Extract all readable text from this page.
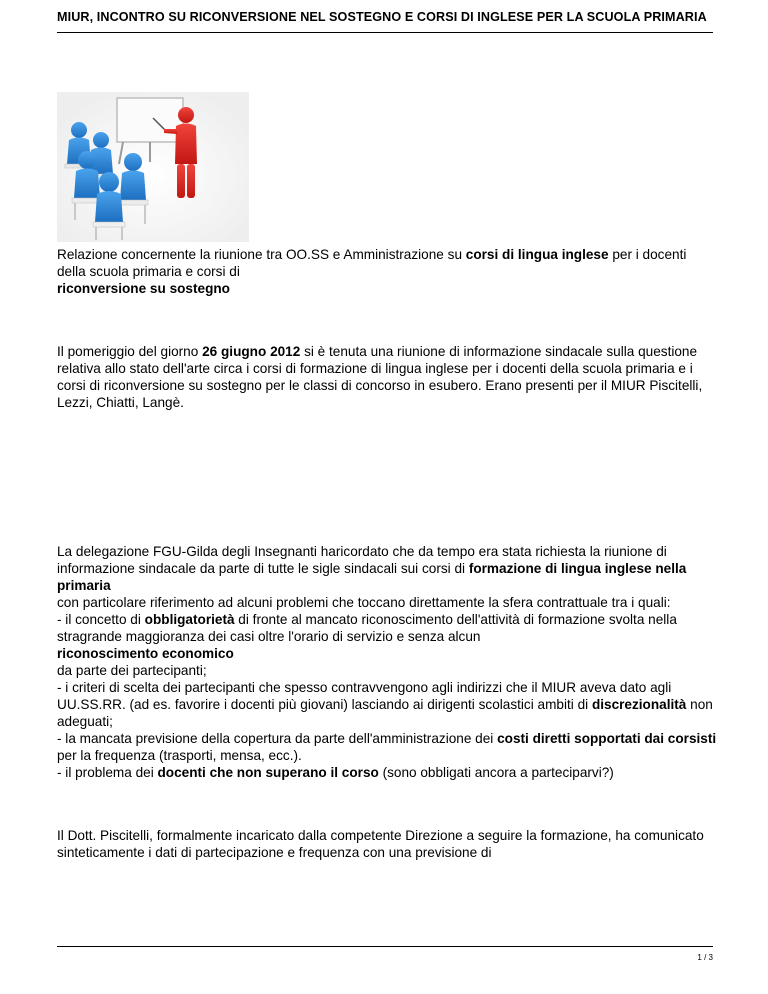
MIUR, INCONTRO SU RICONVERSIONE NEL SOSTEGNO E CORSI DI INGLESE PER LA SCUOLA PRIMARIA

Relazione concernente la riunione tra OO.SS e Amministrazione su corsi di lingua inglese per i docenti della scuola primaria e corsi di
riconversione su sostegno

Il pomeriggio del giorno 26 giugno 2012 si è tenuta una riunione di informazione sindacale sulla questione relativa allo stato dell'arte circa i corsi di formazione di lingua inglese per i docenti della scuola primaria e i corsi di riconversione su sostegno per le classi di concorso in esubero. Erano presenti per il MIUR Piscitelli, Lezzi, Chiatti, Langè.

La delegazione FGU-Gilda degli Insegnanti haricordato che da tempo era stata richiesta la riunione di informazione sindacale da parte di tutte le sigle sindacali sui corsi di formazione di lingua inglese nella primaria
con particolare riferimento ad alcuni problemi che toccano direttamente la sfera contrattuale tra i quali:
- il concetto di obbligatorietà di fronte al mancato riconoscimento dell'attività di formazione svolta nella stragrande maggioranza dei casi oltre l'orario di servizio e senza alcun
riconoscimento economico
da parte dei partecipanti;
- i criteri di scelta dei partecipanti che spesso contravvengono agli indirizzi che il MIUR aveva dato agli UU.SS.RR. (ad es. favorire i docenti più giovani) lasciando ai dirigenti scolastici ambiti di discrezionalità non adeguati;
- la mancata previsione della copertura da parte dell'amministrazione dei costi diretti sopportati dai corsisti
per la frequenza (trasporti, mensa, ecc.).
- il problema dei docenti che non superano il corso (sono obbligati ancora a parteciparvi?)

Il Dott. Piscitelli, formalmente incaricato dalla competente Direzione a seguire la formazione, ha comunicato sinteticamente i dati di partecipazione e frequenza con una previsione di

1 / 3
